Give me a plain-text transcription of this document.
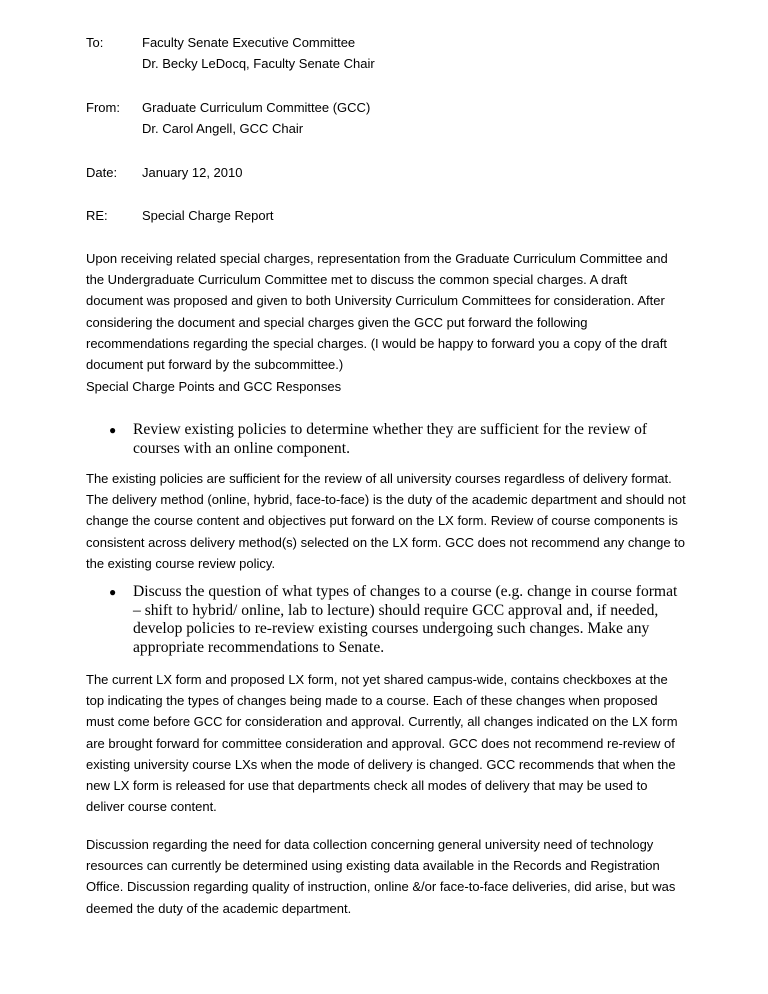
To:	Faculty Senate Executive Committee
Dr. Becky LeDocq, Faculty Senate Chair
From:	Graduate Curriculum Committee (GCC)
Dr. Carol Angell, GCC Chair
Date:	January 12, 2010
RE:	Special Charge Report
Upon receiving related special charges, representation from the Graduate Curriculum Committee and the Undergraduate Curriculum Committee met to discuss the common special charges. A draft document was proposed and given to both University Curriculum Committees for consideration. After considering the document and special charges given the GCC put forward the following recommendations regarding the special charges. (I would be happy to forward you a copy of the draft document put forward by the subcommittee.)
Special Charge Points and GCC Responses
● Review existing policies to determine whether they are sufficient for the review of courses with an online component.
The existing policies are sufficient for the review of all university courses regardless of delivery format. The delivery method (online, hybrid, face-to-face) is the duty of the academic department and should not change the course content and objectives put forward on the LX form. Review of course components is consistent across delivery method(s) selected on the LX form. GCC does not recommend any change to the existing course review policy.
● Discuss the question of what types of changes to a course (e.g. change in course format – shift to hybrid/ online, lab to lecture) should require GCC approval and, if needed, develop policies to re-review existing courses undergoing such changes. Make any appropriate recommendations to Senate.
The current LX form and proposed LX form, not yet shared campus-wide, contains checkboxes at the top indicating the types of changes being made to a course. Each of these changes when proposed must come before GCC for consideration and approval. Currently, all changes indicated on the LX form are brought forward for committee consideration and approval. GCC does not recommend re-review of existing university course LXs when the mode of delivery is changed. GCC recommends that when the new LX form is released for use that departments check all modes of delivery that may be used to deliver course content.
Discussion regarding the need for data collection concerning general university need of technology resources can currently be determined using existing data available in the Records and Registration Office. Discussion regarding quality of instruction, online &/or face-to-face deliveries, did arise, but was deemed the duty of the academic department.
